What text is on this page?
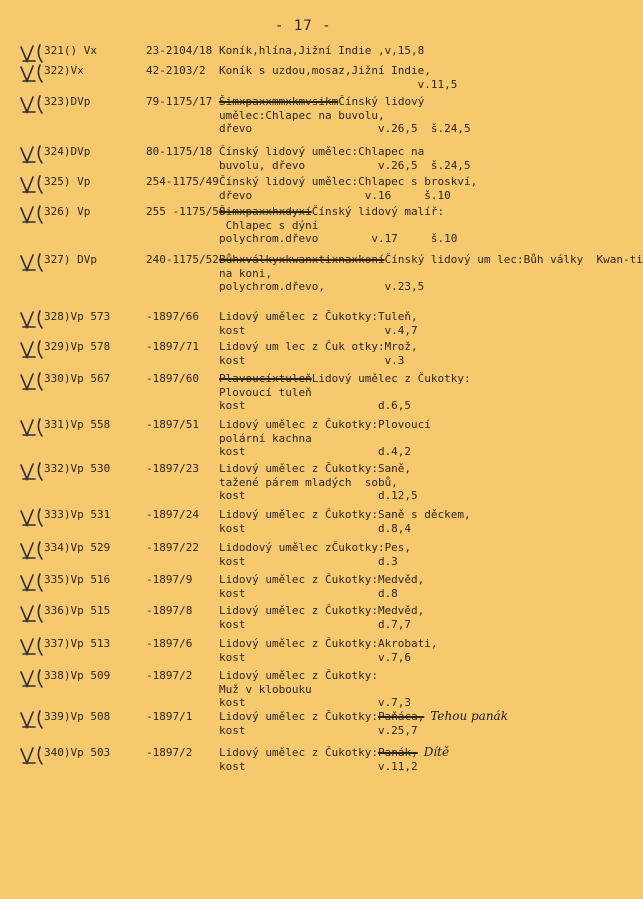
- 17 -
321() Vx	23-2104/18 Koník,hlína,Jižní Indie ,v,15,8
322)Vx	42-2103/2 Koník s uzdou,mosaz,Jižní Indie,
v.11,5
323)DVp	79-1175/17 ŠimxpaxxmmxkmvsikmČínský lidový
umělec:Chlapec na buvolu,
dřevo                   v.26,5  š.24,5
324)DVp	80-1175/18 Čínský lidový umělec:Chlapec na
buvolu, dřevo           v.26,5  š.24,5
325) Vp	254-1175/49 Čínský lidový umělec:Chlapec s broskví,
dřevo                 v.16     š.10
326) Vp	255 -1175/50
ŠimxpaxxhxdyxíČínský lidový malíř:
Chlapec s dýní
polychrom.dřevo        v.17     š.10
327) DVp	240-1175/52 BůhxválkyxkwanxtixnaxkoníČínský lidový um lec:Bůh války  Kwan-ti
na koni,
polychrom.dřevo,         v.23,5
328)Vp 573	-1897/66 Lidový umělec z Čukotky:Tuleň,
kost                     v.4,7
329)Vp 578	-1897/71 Lidový um lec z Čuk otky:Mrož,
kost                     v.3
330)Vp 567	-1897/60 PlavoucíxtuleňLidový umělec z Čukotky:
Plovoucí tuleň
kost                    d.6,5
331)Vp 558	-1897/51 Lidový umělec z Čukotky:Plovoucí
polární kachna
kost                    d.4,2
332)Vp 530	-1897/23 Lidový umělec z Čukotky:Saně,
tažené párem mladých  sobů,
kost                    d.12,5
333)Vp 531	-1897/24 Lidový umělec z Čukotky:Saně s děckem,
kost                    d.8,4
334)Vp 529	-1897/22 Lidodový umělec zČukotky:Pes,
kost                    d.3
335)Vp 516	-1897/9 Lidový umělec z Čukotky:Medvěd,
kost                    d.8
336)Vp 515	-1897/8 Lidový umělec z Čukotky:Medvěd,
kost                    d.7,7
337)Vp 513	-1897/6 Lidový umělec z Čukotky:Akrobati,
kost                    v.7,6
338)Vp 509	-1897/2 Lidový umělec z Čukotky:
Muž v klobouku
kost                    v.7,3
339)Vp 508	-1897/1 Lidový umělec z Čukotky:Paňáca, Tehou panák
kost                    v.25,7
340)Vp 503	-1897/2 Lidový umělec z Čukotky:Panák, Dítě
kost                    v.11,2
